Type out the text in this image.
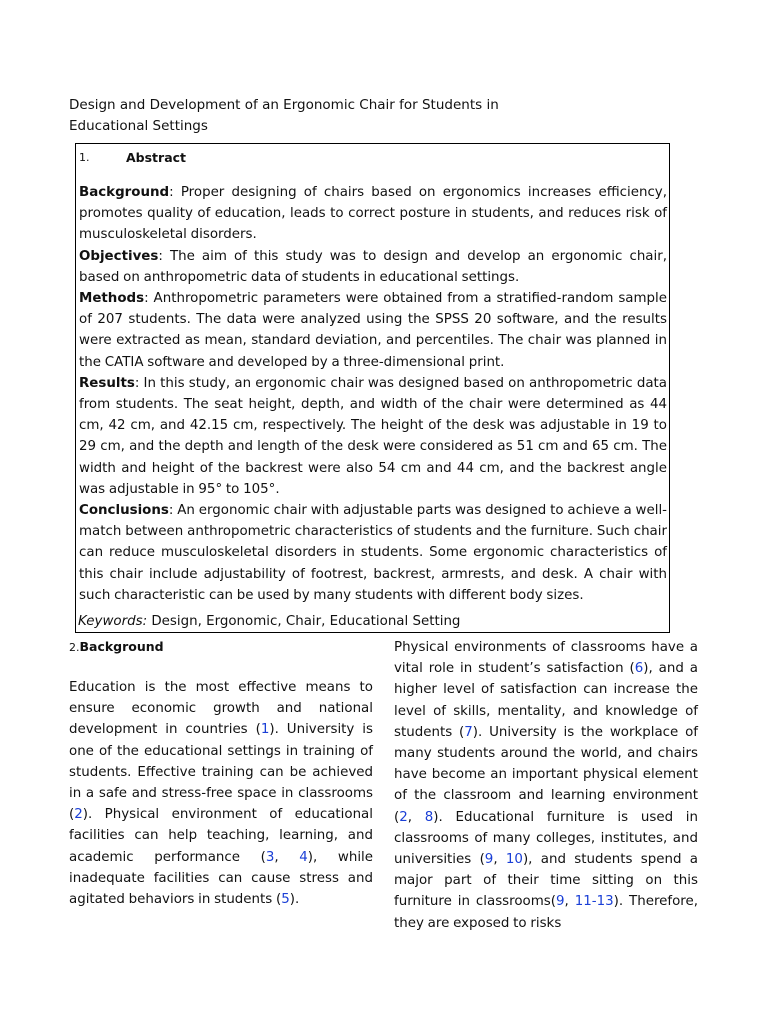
Design and Development of an Ergonomic Chair for Students in
Educational Settings
1.	Abstract

Background: Proper designing of chairs based on ergonomics increases efficiency, promotes quality of education, leads to correct posture in students, and reduces risk of musculoskeletal disorders.

Objectives: The aim of this study was to design and develop an ergonomic chair, based on anthropometric data of students in educational settings.

Methods: Anthropometric parameters were obtained from a stratified-random sample of 207 students. The data were analyzed using the SPSS 20 software, and the results were extracted as mean, standard deviation, and percentiles. The chair was planned in the CATIA software and developed by a three-dimensional print.

Results: In this study, an ergonomic chair was designed based on anthropometric data from students. The seat height, depth, and width of the chair were determined as 44 cm, 42 cm, and 42.15 cm, respectively. The height of the desk was adjustable in 19 to 29 cm, and the depth and length of the desk were considered as 51 cm and 65 cm. The width and height of the backrest were also 54 cm and 44 cm, and the backrest angle was adjustable in 95° to 105°.

Conclusions: An ergonomic chair with adjustable parts was designed to achieve a well-match between anthropometric characteristics of students and the furniture. Such chair can reduce musculoskeletal disorders in students. Some ergonomic characteristics of this chair include adjustability of footrest, backrest, armrests, and desk. A chair with such characteristic can be used by many students with different body sizes.

Keywords: Design, Ergonomic, Chair, Educational Setting
2.Background

Education is the most effective means to ensure economic growth and national development in countries (1). University is one of the educational settings in training of students. Effective training can be achieved in a safe and stress-free space in classrooms (2). Physical environment of educational facilities can help teaching, learning, and academic performance (3, 4), while inadequate facilities can cause stress and agitated behaviors in students (5).

Physical environments of classrooms have a vital role in student’s satisfaction (6), and a higher level of satisfaction can increase the level of skills, mentality, and knowledge of students (7). University is the workplace of many students around the world, and chairs have become an important physical element of the classroom and learning environment (2, 8). Educational furniture is used in classrooms of many colleges, institutes, and universities (9, 10), and students spend a major part of their time sitting on this furniture in classrooms(9, 11-13). Therefore, they are exposed to risks
